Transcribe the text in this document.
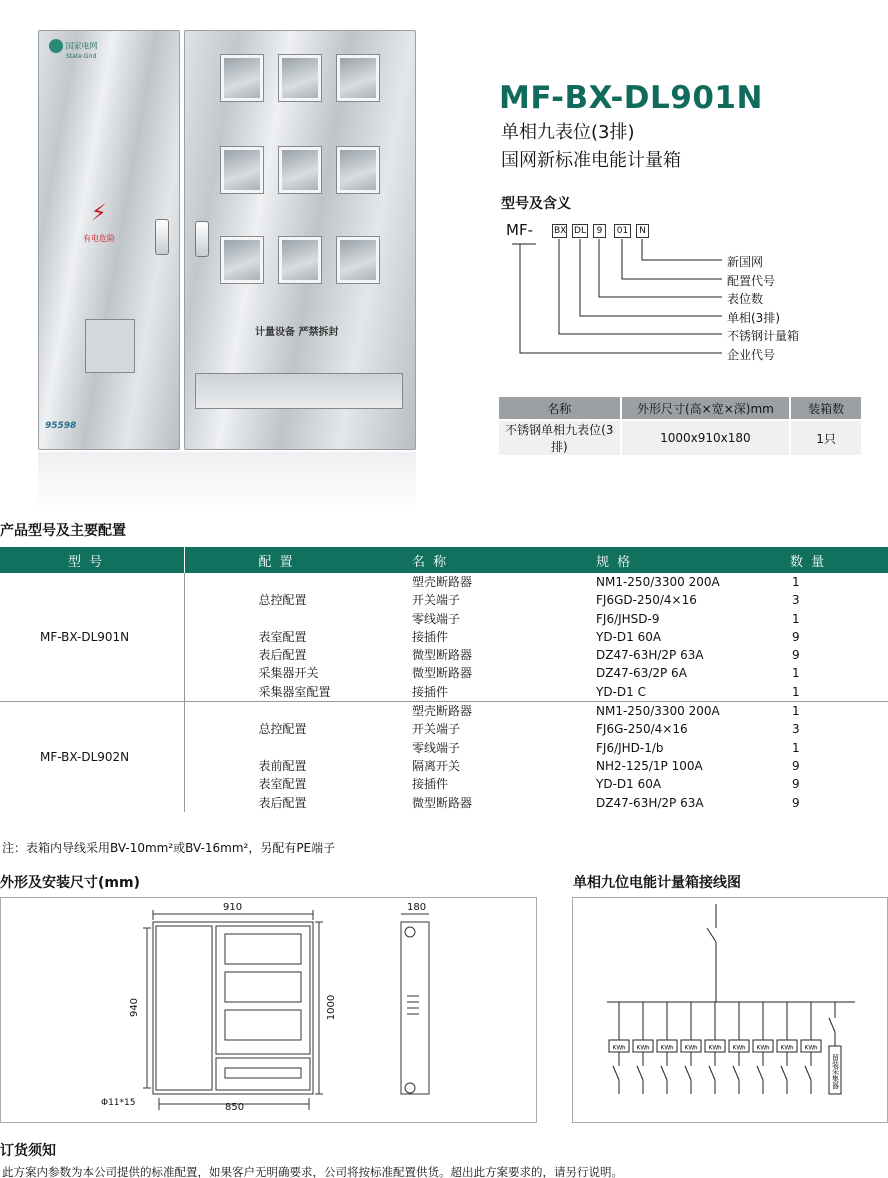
国家电网
State Grid
⚡
有电危险
95598
计量设备 严禁拆封
MF-BX-DL901N
单相九表位(3排)
国网新标准电能计量箱
型号及含义
MF- BX DL	9	01	N
新国网
配置代号
表位数
单相(3排)
不锈钢计量箱
企业代号
名称	外形尺寸(高×宽×深)mm	装箱数
不锈钢单相九表位(3排)	1000x910x180	1只
产品型号及主要配置
型 号	配 置	名 称	规 格	数 量
MF-BX-DL901N		塑壳断路器	NM1-250/3300 200A	1
	总控配置	开关端子	FJ6GD-250/4×16	3
		零线端子	FJ6/JHSD-9	1
	表室配置	接插件	YD-D1 60A	9
	表后配置	微型断路器	DZ47-63H/2P 63A	9
	采集器开关	微型断路器	DZ47-63/2P 6A	1
	采集器室配置	接插件	YD-D1 C	1
MF-BX-DL902N		塑壳断路器	NM1-250/3300 200A	1
	总控配置	开关端子	FJ6G-250/4×16	3
		零线端子	FJ6/JHD-1/b	1
	表前配置	隔离开关	NH2-125/1P 100A	9
	表室配置	接插件	YD-D1 60A	9
	表后配置	微型断路器	DZ47-63H/2P 63A	9
注：表箱内导线采用BV-10mm²或BV-16mm²，另配有PE端子
外形及安装尺寸(mm)
910
850
940	1000
180
Φ11*15
单相九位电能计量箱接线图
KWh KWh KWh KWh KWh KWh KWh KWh KWh
留装采集器
订货须知
此方案内参数为本公司提供的标准配置，如果客户无明确要求，公司将按标准配置供货。超出此方案要求的，请另行说明。
